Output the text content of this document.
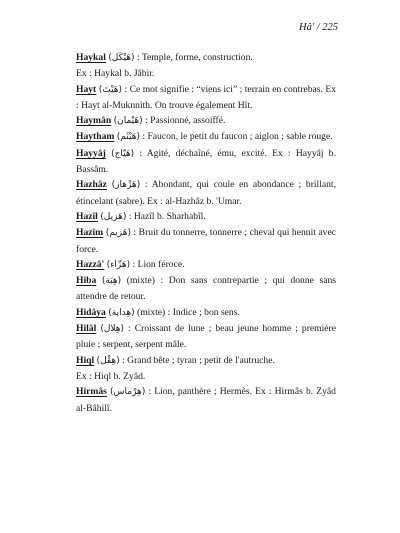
Hâ' / 225

Haykal (هَيْكَل) : Temple, forme, construction.
Ex : Haykal b. Jâbir.

Hayt (هَيْتَ) : Ce mot signifie : “viens ici” ; terrain en contrebas. Ex : Hayt al-Muknnith. On trouve également Hît.

Haymân (هَيْمان) : Passionné, assoiffé.

Haytham (هَيْثَم) : Faucon, le petit du faucon ; aiglon ; sable rouge.

Hayyâj (هَيّاج) : Agité, déchaîné, ému, excité. Ex : Hayyâj b. Bassâm.

Hazhâz (هَزْهاز) : Abondant, qui coule en abondance ; brillant, étincelant (sabre). Ex : al-Hazhâz b. 'Umar.

Hazîl (هَزيل) : Hazîl b. Sharhabîl.

Hazîm (هَزيم) : Bruit du tonnerre, tonnerre ; cheval qui hennit avec force.

Hazzâ' (هَزّاء) : Lion féroce.

Hiba (هِبَة) (mixte) : Don sans contrepartie ; qui donne sans attendre de retour.

Hidâya (هِداية) (mixte) : Indice ; bon sens.

Hilâl (هِلال) : Croissant de lune ; beau jeune homme ; première pluie ; serpent, serpent mâle.

Hiql (هِقْل) : Grand bête ; tyran ; petit de l'autruche.
Ex : Hiql b. Zyâd.

Hirmâs (هِرْماس) : Lion, panthère ; Hermès. Ex : Hirmâs b. Zyâd al-Bâhilî.
